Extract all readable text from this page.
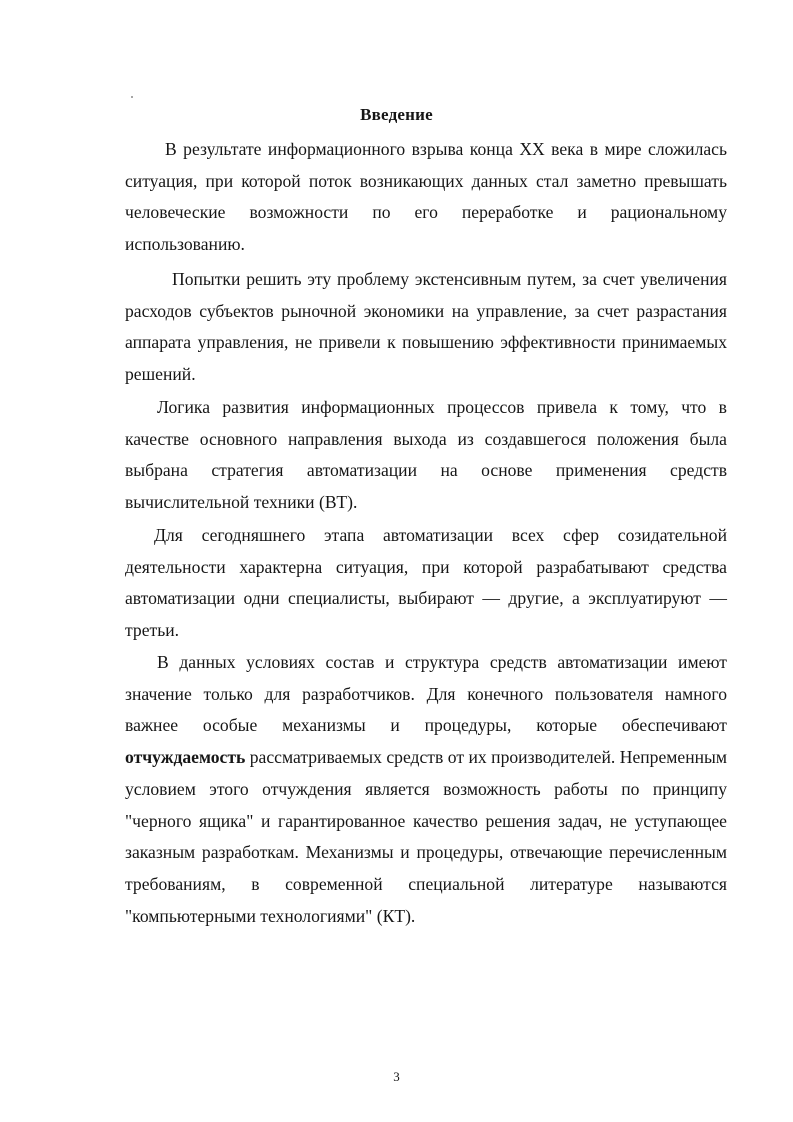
Введение

В результате информационного взрыва конца XX века в мире сложилась ситуация, при которой поток возникающих данных стал заметно превышать человеческие возможности по его переработке и рациональному использованию.

Попытки решить эту проблему экстенсивным путем, за счет увеличения расходов субъектов рыночной экономики на управление, за счет разрастания аппарата управления, не привели к повышению эффективности принимаемых решений.

Логика развития информационных процессов привела к тому, что в качестве основного направления выхода из создавшегося положения была выбрана стратегия автоматизации на основе применения средств вычислительной техники (ВТ).

Для сегодняшнего этапа автоматизации всех сфер созидательной деятельности характерна ситуация, при которой разрабатывают средства автоматизации одни специалисты, выбирают — другие, а эксплуатируют — третьи.

В данных условиях состав и структура средств автоматизации имеют значение только для разработчиков. Для конечного пользователя намного важнее особые механизмы и процедуры, которые обеспечивают отчуждаемость рассматриваемых средств от их производителей. Непременным условием этого отчуждения является возможность работы по принципу "черного ящика" и гарантированное качество решения задач, не уступающее заказным разработкам. Механизмы и процедуры, отвечающие перечисленным требованиям, в современной специальной литературе называются "компьютерными технологиями" (КТ).

3
